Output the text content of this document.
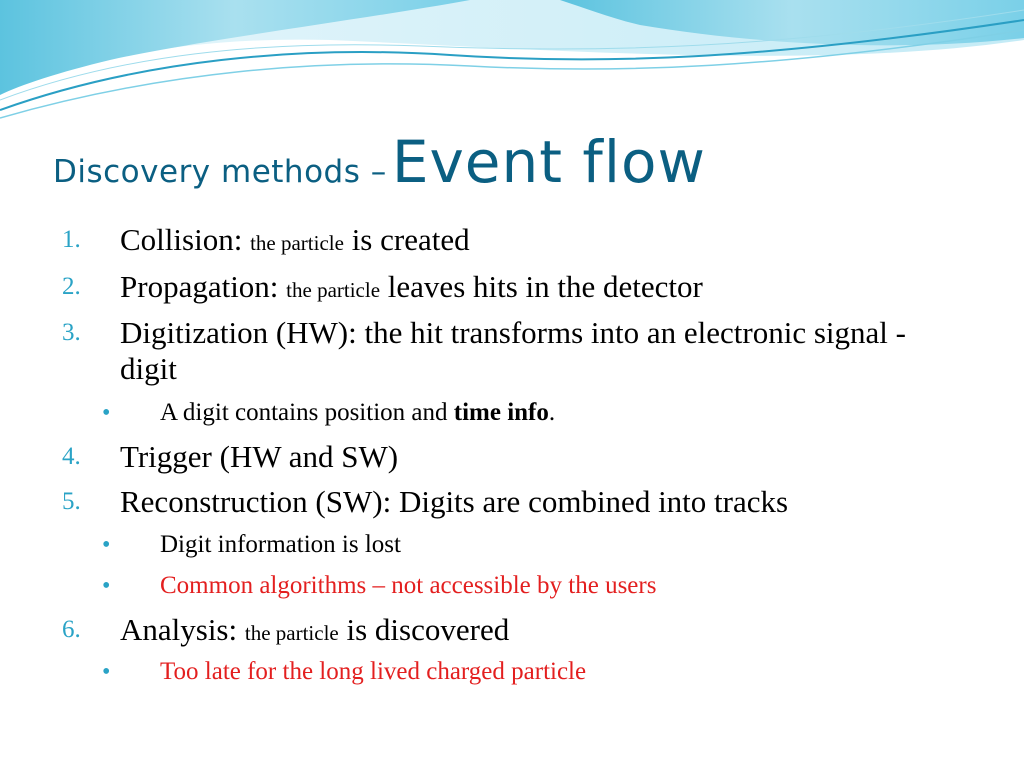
Discovery methods – Event flow
1. Collision: the particle is created
2. Propagation: the particle leaves hits in the detector
3. Digitization (HW): the hit transforms into an electronic signal - digit
• A digit contains position and time info.
4. Trigger (HW and SW)
5. Reconstruction (SW): Digits are combined into tracks
• Digit information is lost
• Common algorithms – not accessible by the users
6. Analysis: the particle is discovered
• Too late for the long lived charged particle
